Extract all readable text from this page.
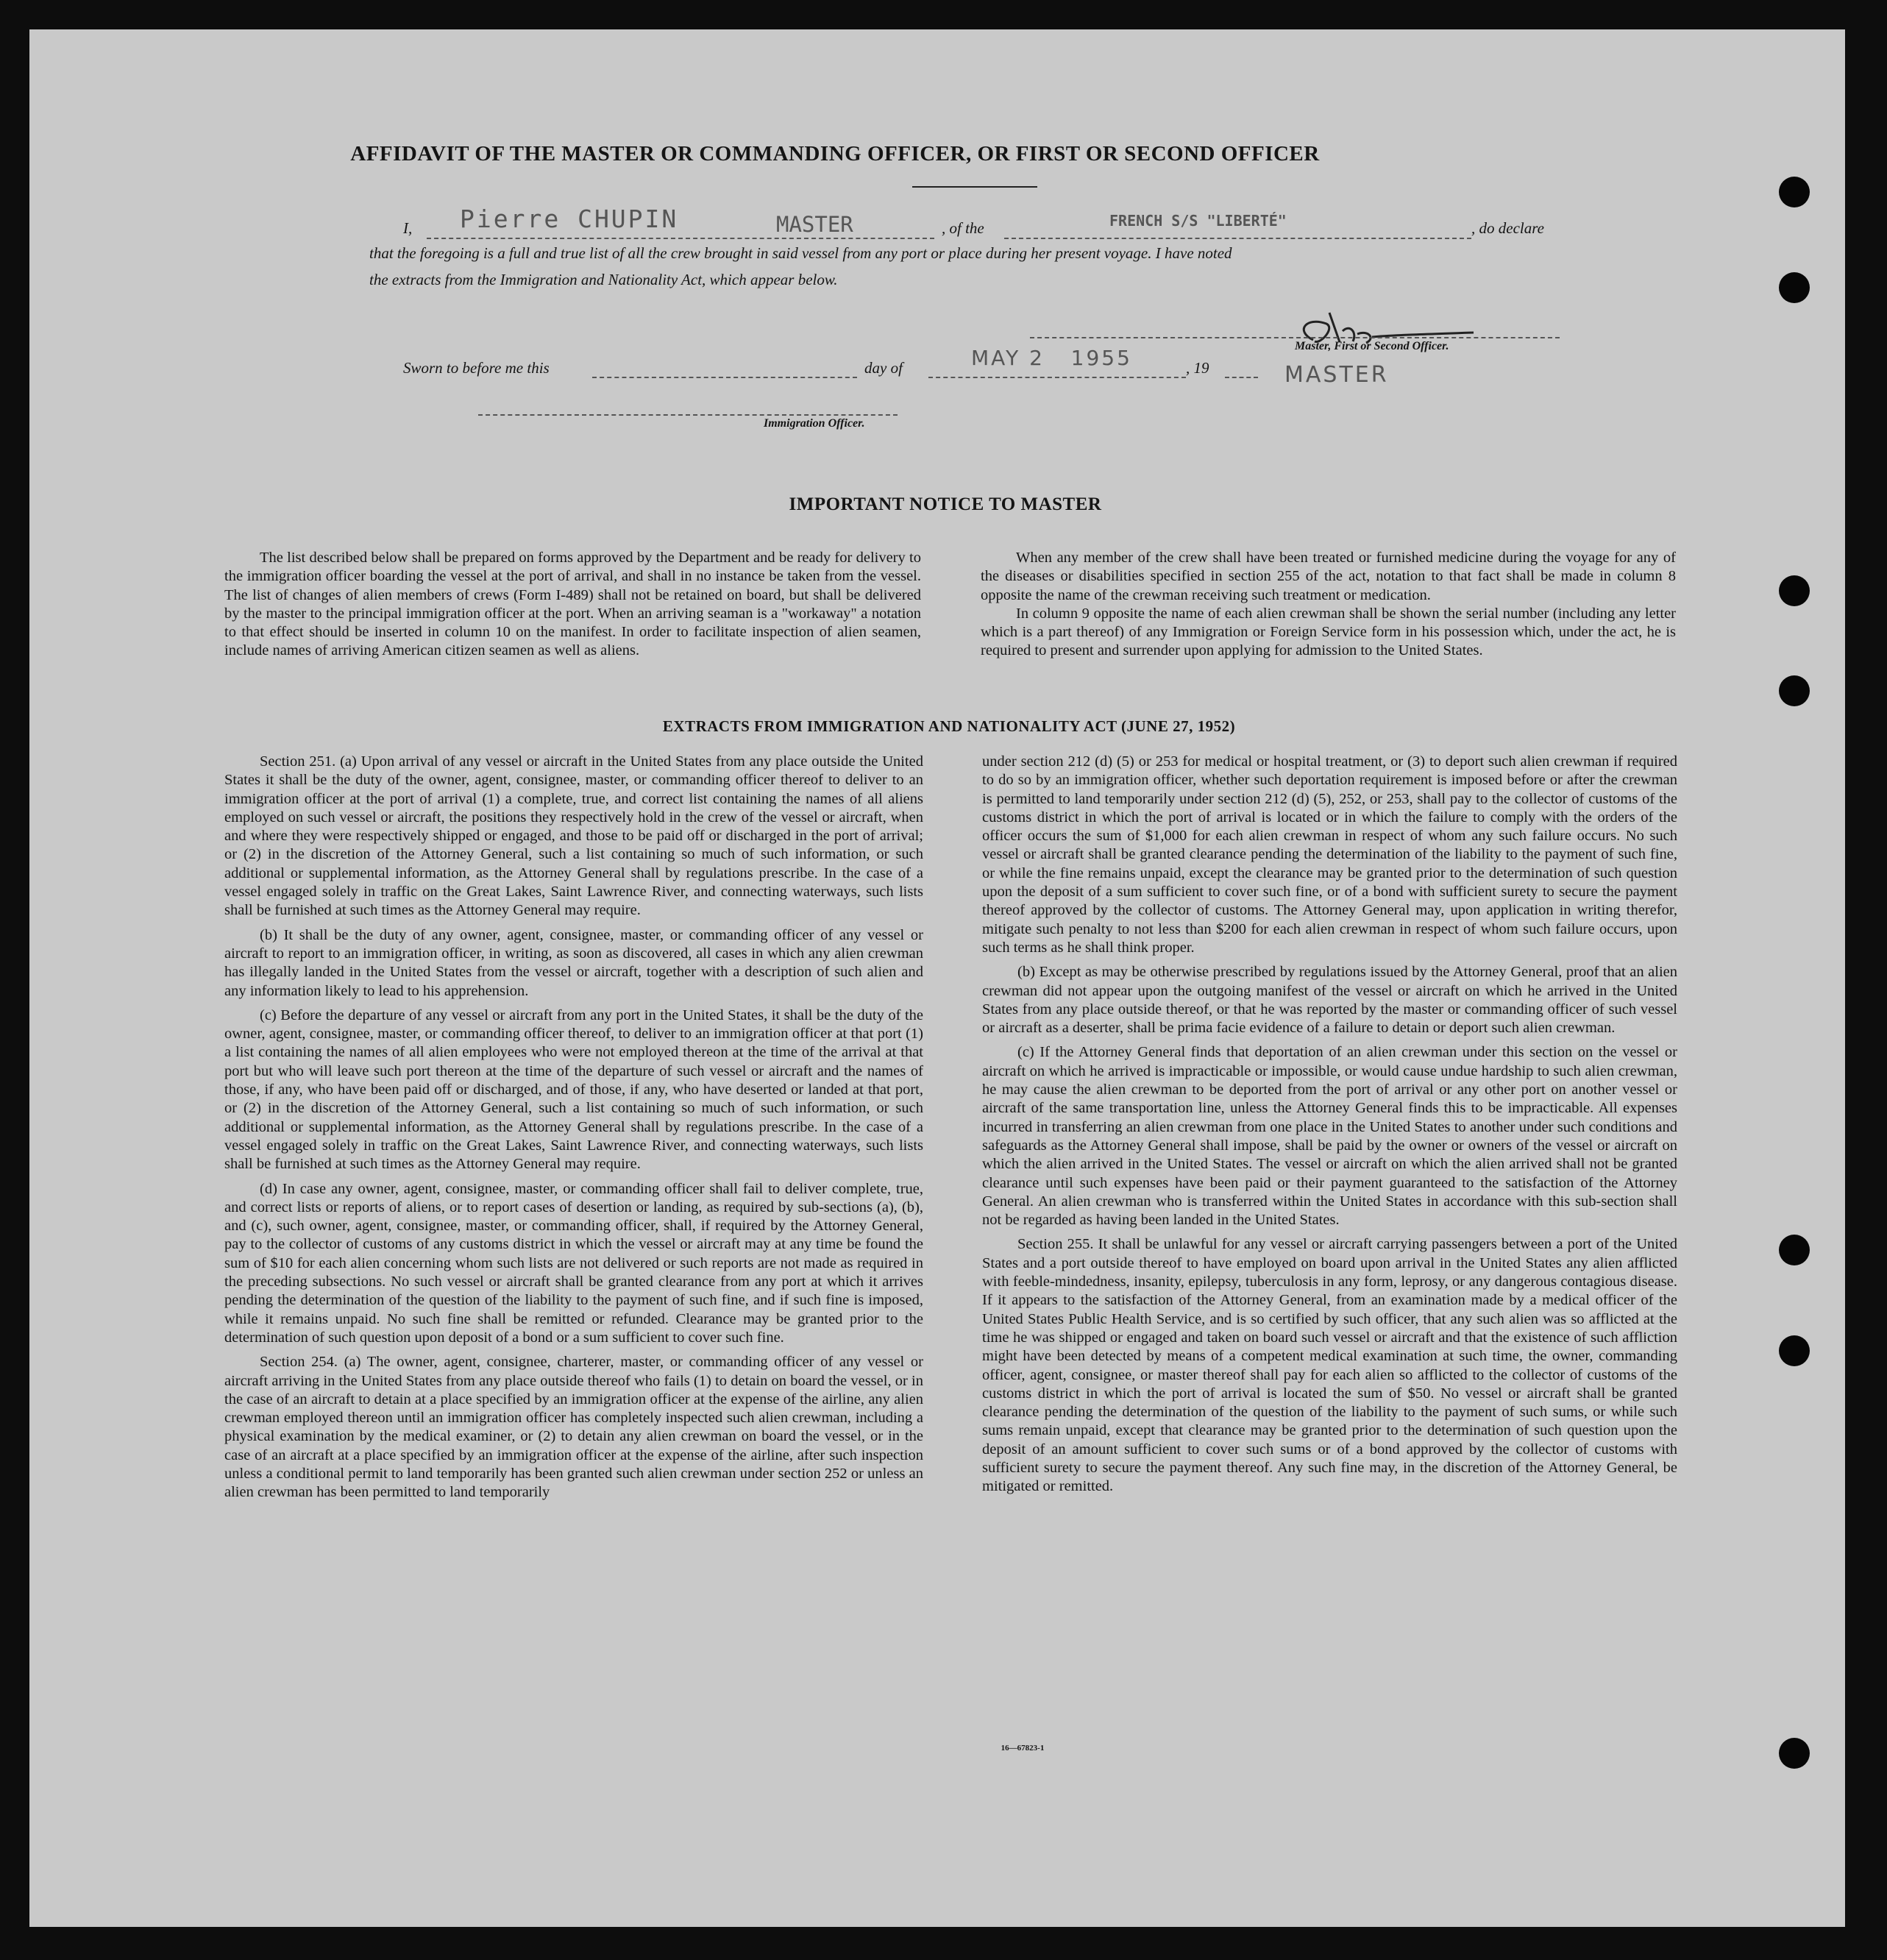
AFFIDAVIT OF THE MASTER OR COMMANDING OFFICER, OR FIRST OR SECOND OFFICER
I, Pierre CHUPIN	MASTER	, of the	FRENCH S/S "LIBERTÉ"	, do declare
that the foregoing is a full and true list of all the crew brought in said vessel from any port or place during her present voyage. I have noted
the extracts from the Immigration and Nationality Act, which appear below.
Master, First or Second Officer.
Sworn to before me this	day of	MAY 2   1955	, 19	MASTER
Immigration Officer.
IMPORTANT NOTICE TO MASTER

The list described below shall be prepared on forms approved by the Department and be ready for delivery to the immigration officer boarding the vessel at the port of arrival, and shall in no instance be taken from the vessel. The list of changes of alien members of crews (Form I-489) shall not be retained on board, but shall be delivered by the master to the principal immigration officer at the port. When an arriving seaman is a "workaway" a notation to that effect should be inserted in column 10 on the manifest. In order to facilitate inspection of alien seamen, include names of arriving American citizen seamen as well as aliens.

When any member of the crew shall have been treated or furnished medicine during the voyage for any of the diseases or disabilities specified in section 255 of the act, notation to that fact shall be made in column 8 opposite the name of the crewman receiving such treatment or medication.

In column 9 opposite the name of each alien crewman shall be shown the serial number (including any letter which is a part thereof) of any Immigration or Foreign Service form in his possession which, under the act, he is required to present and surrender upon applying for admission to the United States.

EXTRACTS FROM IMMIGRATION AND NATIONALITY ACT (JUNE 27, 1952)

Section 251. (a) Upon arrival of any vessel or aircraft in the United States from any place outside the United States it shall be the duty of the owner, agent, consignee, master, or commanding officer thereof to deliver to an immigration officer at the port of arrival (1) a complete, true, and correct list containing the names of all aliens employed on such vessel or aircraft, the positions they respectively hold in the crew of the vessel or aircraft, when and where they were respectively shipped or engaged, and those to be paid off or discharged in the port of arrival; or (2) in the discretion of the Attorney General, such a list containing so much of such information, or such additional or supplemental information, as the Attorney General shall by regulations prescribe. In the case of a vessel engaged solely in traffic on the Great Lakes, Saint Lawrence River, and connecting waterways, such lists shall be furnished at such times as the Attorney General may require.

(b) It shall be the duty of any owner, agent, consignee, master, or commanding officer of any vessel or aircraft to report to an immigration officer, in writing, as soon as discovered, all cases in which any alien crewman has illegally landed in the United States from the vessel or aircraft, together with a description of such alien and any information likely to lead to his apprehension.

(c) Before the departure of any vessel or aircraft from any port in the United States, it shall be the duty of the owner, agent, consignee, master, or commanding officer thereof, to deliver to an immigration officer at that port (1) a list containing the names of all alien employees who were not employed thereon at the time of the arrival at that port but who will leave such port thereon at the time of the departure of such vessel or aircraft and the names of those, if any, who have been paid off or discharged, and of those, if any, who have deserted or landed at that port, or (2) in the discretion of the Attorney General, such a list containing so much of such information, or such additional or supplemental information, as the Attorney General shall by regulations prescribe. In the case of a vessel engaged solely in traffic on the Great Lakes, Saint Lawrence River, and connecting waterways, such lists shall be furnished at such times as the Attorney General may require.

(d) In case any owner, agent, consignee, master, or commanding officer shall fail to deliver complete, true, and correct lists or reports of aliens, or to report cases of desertion or landing, as required by sub-sections (a), (b), and (c), such owner, agent, consignee, master, or commanding officer, shall, if required by the Attorney General, pay to the collector of customs of any customs district in which the vessel or aircraft may at any time be found the sum of $10 for each alien concerning whom such lists are not delivered or such reports are not made as required in the preceding subsections. No such vessel or aircraft shall be granted clearance from any port at which it arrives pending the determination of the question of the liability to the payment of such fine, and if such fine is imposed, while it remains unpaid. No such fine shall be remitted or refunded. Clearance may be granted prior to the determination of such question upon deposit of a bond or a sum sufficient to cover such fine.

Section 254. (a) The owner, agent, consignee, charterer, master, or commanding officer of any vessel or aircraft arriving in the United States from any place outside thereof who fails (1) to detain on board the vessel, or in the case of an aircraft to detain at a place specified by an immigration officer at the expense of the airline, any alien crewman employed thereon until an immigration officer has completely inspected such alien crewman, including a physical examination by the medical examiner, or (2) to detain any alien crewman on board the vessel, or in the case of an aircraft at a place specified by an immigration officer at the expense of the airline, after such inspection unless a conditional permit to land temporarily has been granted such alien crewman under section 252 or unless an alien crewman has been permitted to land temporarily

under section 212 (d) (5) or 253 for medical or hospital treatment, or (3) to deport such alien crewman if required to do so by an immigration officer, whether such deportation requirement is imposed before or after the crewman is permitted to land temporarily under section 212 (d) (5), 252, or 253, shall pay to the collector of customs of the customs district in which the port of arrival is located or in which the failure to comply with the orders of the officer occurs the sum of $1,000 for each alien crewman in respect of whom any such failure occurs. No such vessel or aircraft shall be granted clearance pending the determination of the liability to the payment of such fine, or while the fine remains unpaid, except the clearance may be granted prior to the determination of such question upon the deposit of a sum sufficient to cover such fine, or of a bond with sufficient surety to secure the payment thereof approved by the collector of customs. The Attorney General may, upon application in writing therefor, mitigate such penalty to not less than $200 for each alien crewman in respect of whom such failure occurs, upon such terms as he shall think proper.

(b) Except as may be otherwise prescribed by regulations issued by the Attorney General, proof that an alien crewman did not appear upon the outgoing manifest of the vessel or aircraft on which he arrived in the United States from any place outside thereof, or that he was reported by the master or commanding officer of such vessel or aircraft as a deserter, shall be prima facie evidence of a failure to detain or deport such alien crewman.

(c) If the Attorney General finds that deportation of an alien crewman under this section on the vessel or aircraft on which he arrived is impracticable or impossible, or would cause undue hardship to such alien crewman, he may cause the alien crewman to be deported from the port of arrival or any other port on another vessel or aircraft of the same transportation line, unless the Attorney General finds this to be impracticable. All expenses incurred in transferring an alien crewman from one place in the United States to another under such conditions and safeguards as the Attorney General shall impose, shall be paid by the owner or owners of the vessel or aircraft on which the alien arrived in the United States. The vessel or aircraft on which the alien arrived shall not be granted clearance until such expenses have been paid or their payment guaranteed to the satisfaction of the Attorney General. An alien crewman who is transferred within the United States in accordance with this sub-section shall not be regarded as having been landed in the United States.

Section 255. It shall be unlawful for any vessel or aircraft carrying passengers between a port of the United States and a port outside thereof to have employed on board upon arrival in the United States any alien afflicted with feeble-mindedness, insanity, epilepsy, tuberculosis in any form, leprosy, or any dangerous contagious disease. If it appears to the satisfaction of the Attorney General, from an examination made by a medical officer of the United States Public Health Service, and is so certified by such officer, that any such alien was so afflicted at the time he was shipped or engaged and taken on board such vessel or aircraft and that the existence of such affliction might have been detected by means of a competent medical examination at such time, the owner, commanding officer, agent, consignee, or master thereof shall pay for each alien so afflicted to the collector of customs of the customs district in which the port of arrival is located the sum of $50. No vessel or aircraft shall be granted clearance pending the determination of the question of the liability to the payment of such sums, or while such sums remain unpaid, except that clearance may be granted prior to the determination of such question upon the deposit of an amount sufficient to cover such sums or of a bond approved by the collector of customs with sufficient surety to secure the payment thereof. Any such fine may, in the discretion of the Attorney General, be mitigated or remitted.

16—67823-1
